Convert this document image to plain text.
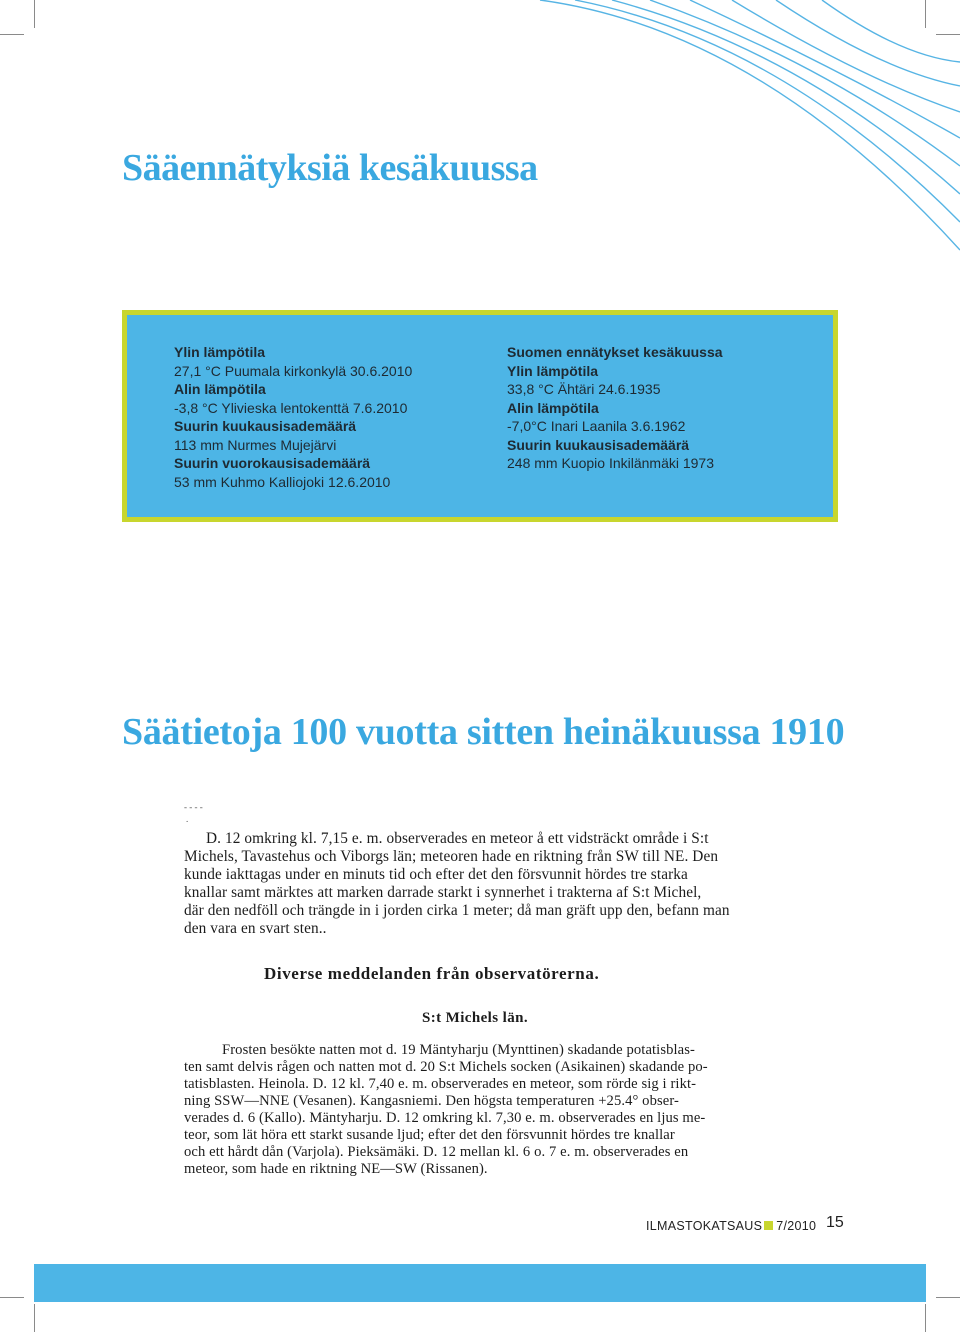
Sääennätyksiä kesäkuussa
Ylin lämpötila
27,1 °C Puumala kirkonkylä 30.6.2010
Alin lämpötila
-3,8 °C Ylivieska lentokenttä 7.6.2010
Suurin kuukausisademäärä
113 mm Nurmes Mujejärvi
Suurin vuorokausisademäärä
53 mm Kuhmo Kalliojoki 12.6.2010
Suomen ennätykset kesäkuussa
Ylin lämpötila
33,8 °C Ähtäri 24.6.1935
Alin lämpötila
-7,0°C Inari Laanila 3.6.1962
Suurin kuukausisademäärä
248 mm Kuopio Inkilänmäki 1973
Säätietoja 100 vuotta sitten heinäkuussa 1910
- - - -
.
D. 12 omkring kl. 7,15 e. m. observerades en meteor å ett vidsträckt område i S:t
Michels, Tavastehus och Viborgs län; meteoren hade en riktning från SW till NE. Den
kunde iakttagas under en minuts tid och efter det den försvunnit hördes tre starka
knallar samt märktes att marken darrade starkt i synnerhet i trakterna af S:t Michel,
där den nedföll och trängde in i jorden cirka 1 meter; då man gräft upp den, befann man
den vara en svart sten..
Diverse meddelanden från observatörerna.
S:t Michels län.
Frosten besökte natten mot d. 19 Mäntyharju (Mynttinen) skadande potatisblas-
ten samt delvis rågen och natten mot d. 20 S:t Michels socken (Asikainen) skadande po-
tatisblasten. Heinola. D. 12 kl. 7,40 e. m. observerades en meteor, som rörde sig i rikt-
ning SSW—NNE (Vesanen). Kangasniemi. Den högsta temperaturen +25.4° obser-
verades d. 6 (Kallo). Mäntyharju. D. 12 omkring kl. 7,30 e. m. observerades en ljus me-
teor, som lät höra ett starkt susande ljud; efter det den försvunnit hördes tre knallar
och ett hårdt dån (Varjola). Pieksämäki. D. 12 mellan kl. 6 o. 7 e. m. observerades en
meteor, som hade en riktning NE—SW (Rissanen).
ILMASTOKATSAUS 7/2010 15
